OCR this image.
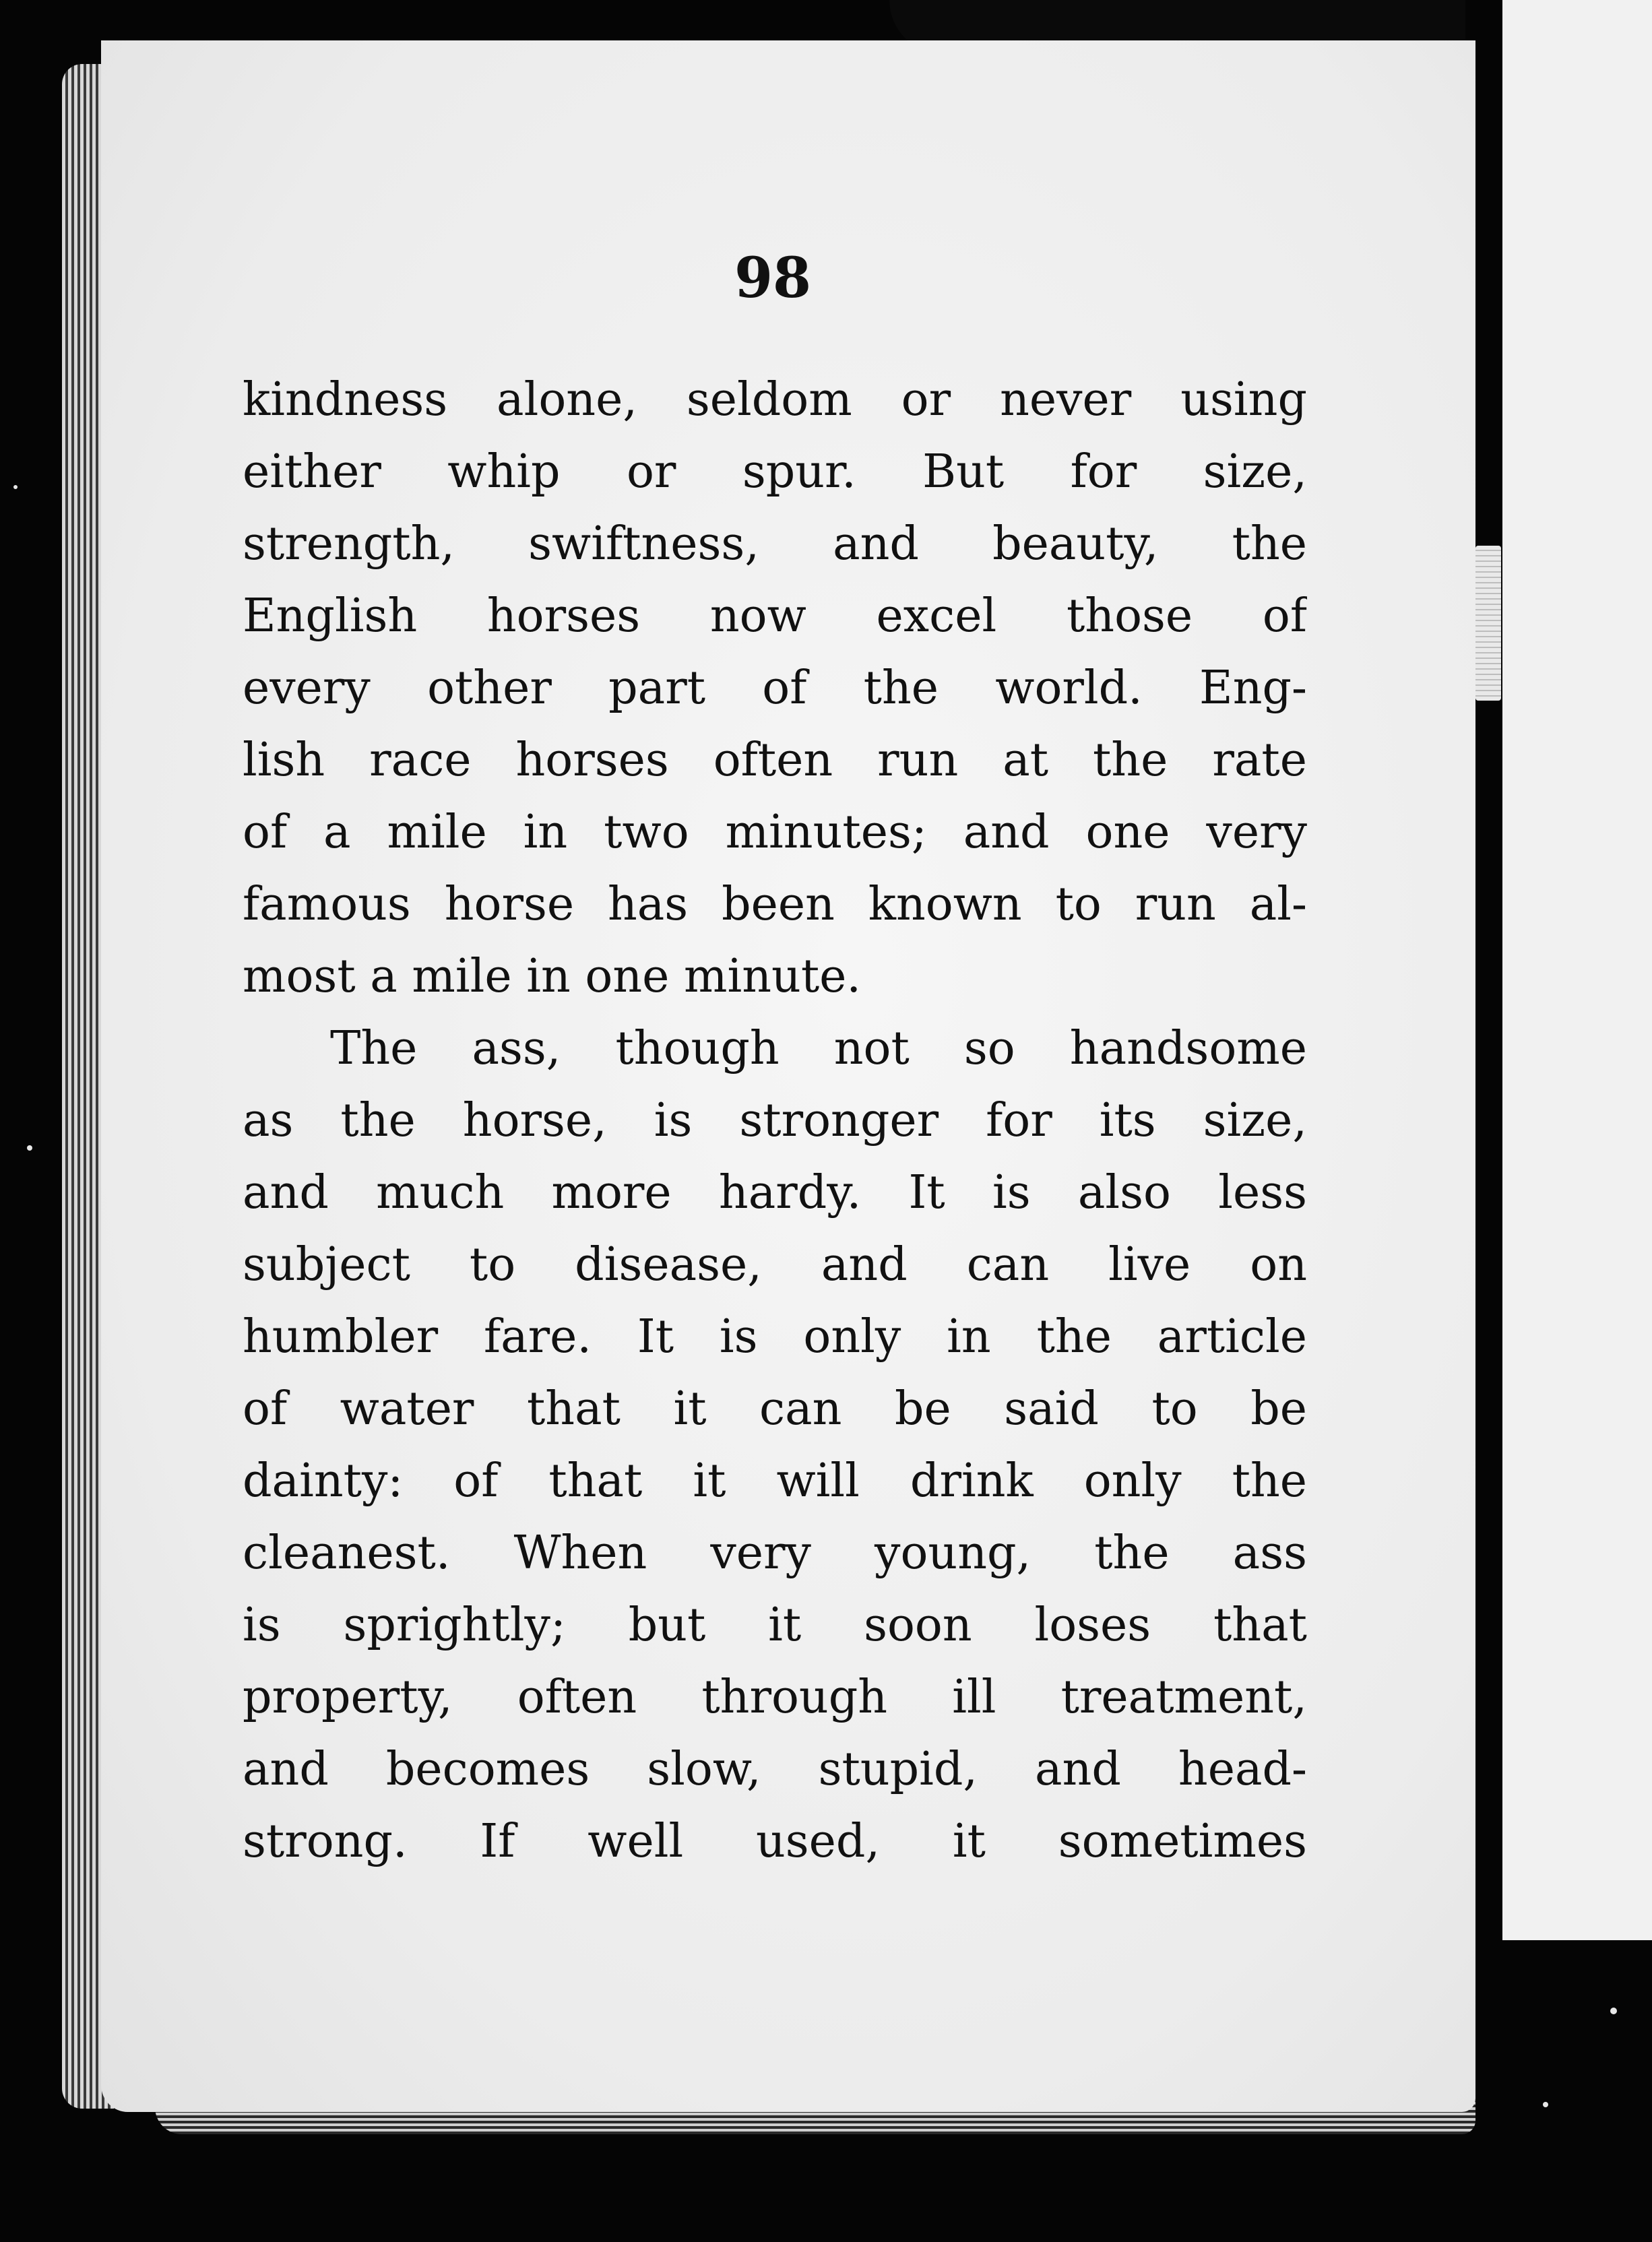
98
kindness alone, seldom or never using
either whip or spur. But for size,
strength, swiftness, and beauty, the
English horses now excel those of
every other part of the world. Eng-
lish race horses often run at the rate
of a mile in two minutes; and one very
famous horse has been known to run al-
most a mile in one minute.
The ass, though not so handsome
as the horse, is stronger for its size,
and much more hardy. It is also less
subject to disease, and can live on
humbler fare. It is only in the article
of water that it can be said to be
dainty: of that it will drink only the
cleanest. When very young, the ass
is sprightly; but it soon loses that
property, often through ill treatment,
and becomes slow, stupid, and head-
strong. If well used, it sometimes
